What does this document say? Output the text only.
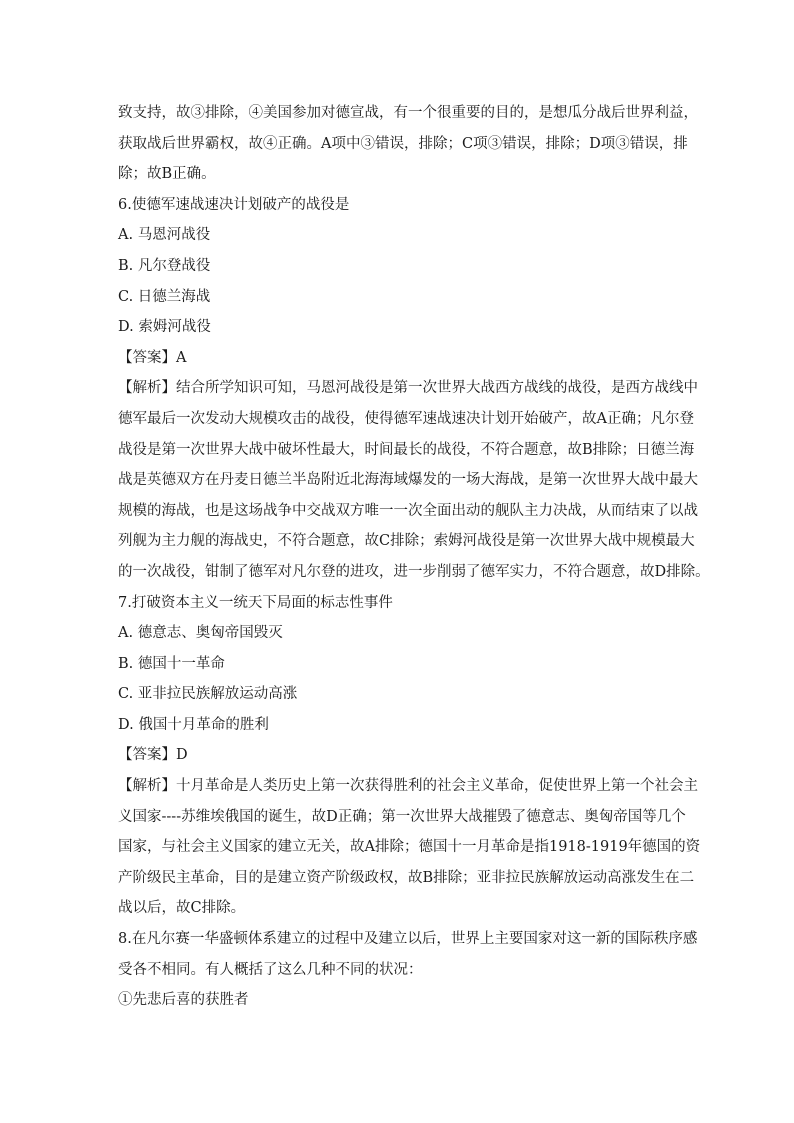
致支持，故③排除，④美国参加对德宣战，有一个很重要的目的，是想瓜分战后世界利益，
获取战后世界霸权，故④正确。A项中③错误，排除；C项③错误，排除；D项③错误，排
除；故B正确。
6.使德军速战速决计划破产的战役是
A. 马恩河战役
B. 凡尔登战役
C. 日德兰海战
D. 索姆河战役
【答案】A
【解析】结合所学知识可知，马恩河战役是第一次世界大战西方战线的战役，是西方战线中
德军最后一次发动大规模攻击的战役，使得德军速战速决计划开始破产，故A正确；凡尔登
战役是第一次世界大战中破坏性最大，时间最长的战役，不符合题意，故B排除；日德兰海
战是英德双方在丹麦日德兰半岛附近北海海域爆发的一场大海战，是第一次世界大战中最大
规模的海战，也是这场战争中交战双方唯一一次全面出动的舰队主力决战，从而结束了以战
列舰为主力舰的海战史，不符合题意，故C排除；索姆河战役是第一次世界大战中规模最大
的一次战役，钳制了德军对凡尔登的进攻，进一步削弱了德军实力，不符合题意，故D排除。
7.打破资本主义一统天下局面的标志性事件
A. 德意志、奥匈帝国毁灭
B. 德国十一革命
C. 亚非拉民族解放运动高涨
D. 俄国十月革命的胜利
【答案】D
【解析】十月革命是人类历史上第一次获得胜利的社会主义革命，促使世界上第一个社会主
义国家----苏维埃俄国的诞生，故D正确；第一次世界大战摧毁了德意志、奥匈帝国等几个
国家，与社会主义国家的建立无关，故A排除；德国十一月革命是指1918-1919年德国的资
产阶级民主革命，目的是建立资产阶级政权，故B排除；亚非拉民族解放运动高涨发生在二
战以后，故C排除。
8.在凡尔赛一华盛顿体系建立的过程中及建立以后，世界上主要国家对这一新的国际秩序感
受各不相同。有人概括了这么几种不同的状况：
①先悲后喜的获胜者
